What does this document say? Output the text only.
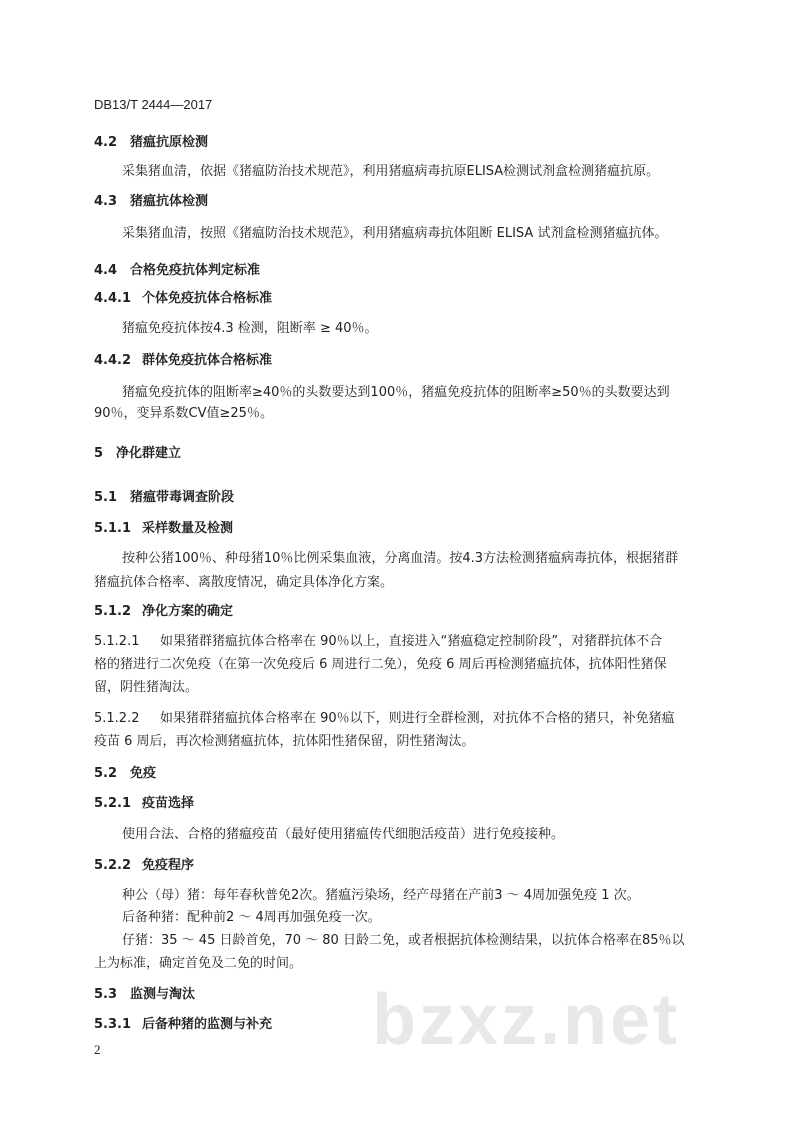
DB13/T 2444—2017
4.2 猪瘟抗原检测
采集猪血清，依据《猪瘟防治技术规范》，利用猪瘟病毒抗原ELISA检测试剂盒检测猪瘟抗原。
4.3 猪瘟抗体检测
采集猪血清，按照《猪瘟防治技术规范》，利用猪瘟病毒抗体阻断 ELISA 试剂盒检测猪瘟抗体。
4.4 合格免疫抗体判定标准
4.4.1 个体免疫抗体合格标准
猪瘟免疫抗体按4.3 检测，阻断率 ≥ 40％。
4.4.2 群体免疫抗体合格标准
猪瘟免疫抗体的阻断率≥40％的头数要达到100％，猪瘟免疫抗体的阻断率≥50％的头数要达到
90％，变异系数CV值≥25％。
5 净化群建立
5.1 猪瘟带毒调查阶段
5.1.1 采样数量及检测
按种公猪100％、种母猪10％比例采集血液，分离血清。按4.3方法检测猪瘟病毒抗体，根据猪群
猪瘟抗体合格率、离散度情况，确定具体净化方案。
5.1.2 净化方案的确定
5.1.2.1 如果猪群猪瘟抗体合格率在 90％以上，直接进入“猪瘟稳定控制阶段”，对猪群抗体不合
格的猪进行二次免疫（在第一次免疫后 6 周进行二免），免疫 6 周后再检测猪瘟抗体，抗体阳性猪保
留，阴性猪淘汰。
5.1.2.2 如果猪群猪瘟抗体合格率在 90％以下，则进行全群检测，对抗体不合格的猪只，补免猪瘟
疫苗 6 周后，再次检测猪瘟抗体，抗体阳性猪保留，阴性猪淘汰。
5.2 免疫
5.2.1 疫苗选择
使用合法、合格的猪瘟疫苗（最好使用猪瘟传代细胞活疫苗）进行免疫接种。
5.2.2 免疫程序
种公（母）猪：每年春秋普免2次。猪瘟污染场，经产母猪在产前3 ～ 4周加强免疫 1 次。
后备种猪：配种前2 ～ 4周再加强免疫一次。
仔猪：35 ～ 45 日龄首免，70 ～ 80 日龄二免，或者根据抗体检测结果，以抗体合格率在85％以
上为标准，确定首免及二免的时间。
5.3 监测与淘汰
5.3.1 后备种猪的监测与补充 bzxz.net
2
